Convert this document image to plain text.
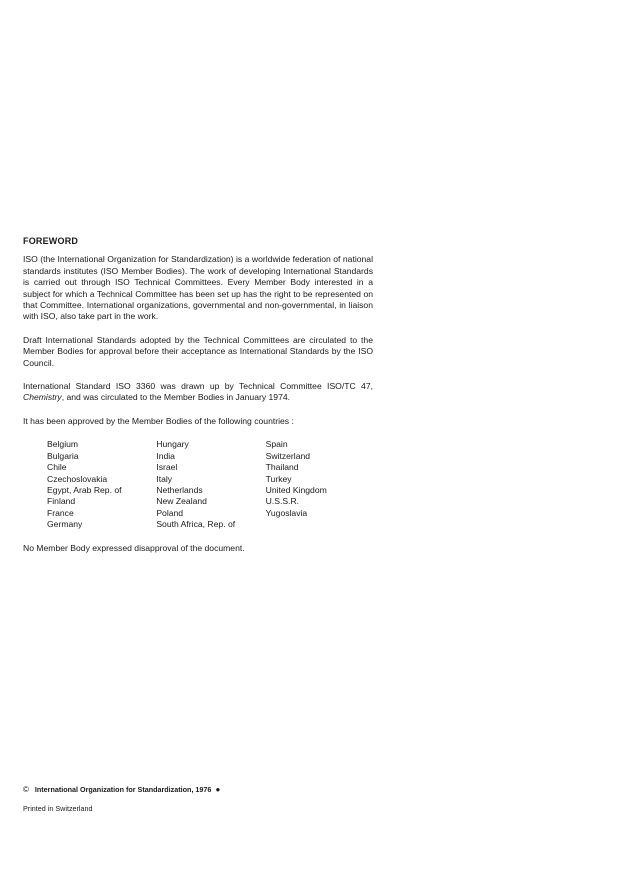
FOREWORD

ISO (the International Organization for Standardization) is a worldwide federation of national standards institutes (ISO Member Bodies). The work of developing International Standards is carried out through ISO Technical Committees. Every Member Body interested in a subject for which a Technical Committee has been set up has the right to be represented on that Committee. International organizations, governmental and non-governmental, in liaison with ISO, also take part in the work.

Draft International Standards adopted by the Technical Committees are circulated to the Member Bodies for approval before their acceptance as International Standards by the ISO Council.

International Standard ISO 3360 was drawn up by Technical Committee ISO/TC 47, Chemistry, and was circulated to the Member Bodies in January 1974.

It has been approved by the Member Bodies of the following countries :

Belgium
Bulgaria
Chile
Czechoslovakia
Egypt, Arab Rep. of
Finland
France
Germany
Hungary
India
Israel
Italy
Netherlands
New Zealand
Poland
South Africa, Rep. of
Spain
Switzerland
Thailand
Turkey
United Kingdom
U.S.S.R.
Yugoslavia

No Member Body expressed disapproval of the document.

© International Organization for Standardization, 1976 ●
Printed in Switzerland
